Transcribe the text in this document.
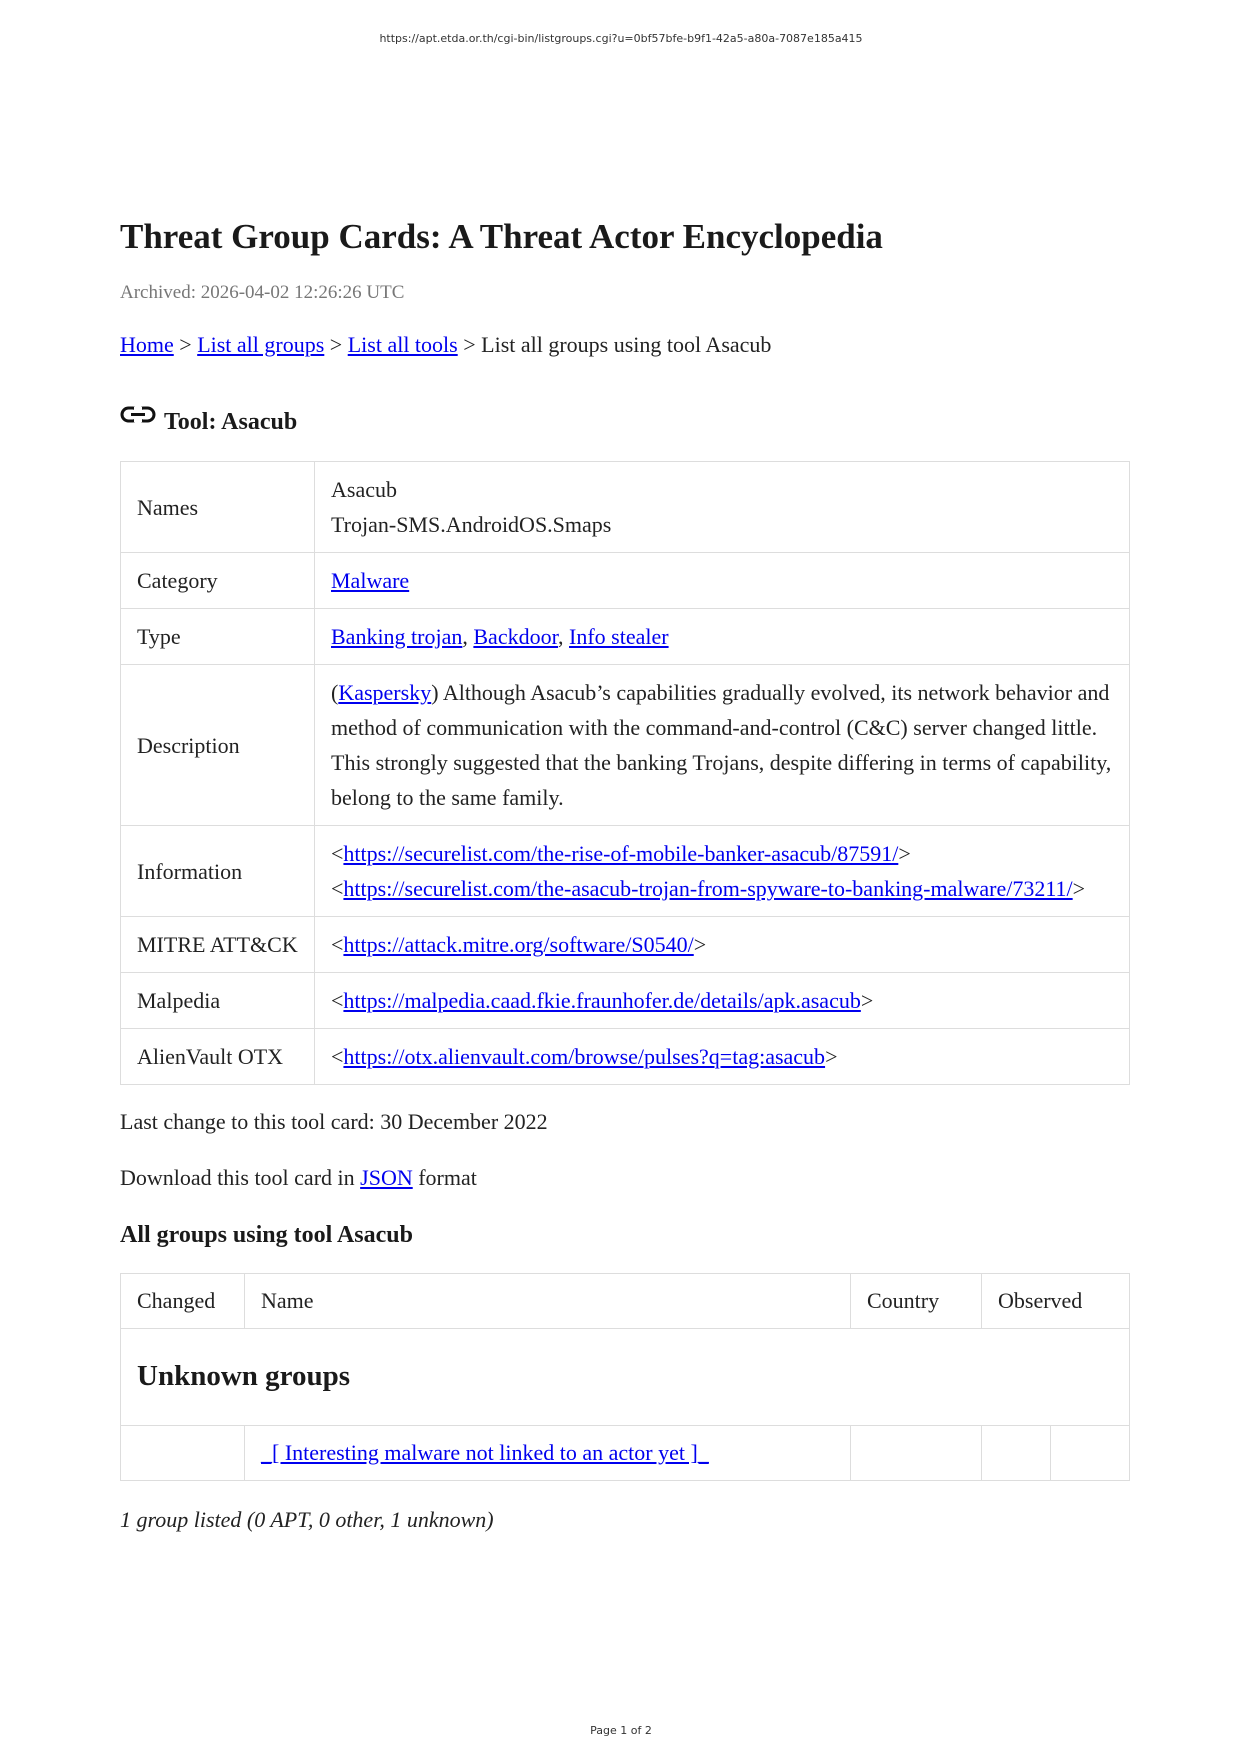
https://apt.etda.or.th/cgi-bin/listgroups.cgi?u=0bf57bfe-b9f1-42a5-a80a-7087e185a415
Threat Group Cards: A Threat Actor Encyclopedia
Archived: 2026-04-02 12:26:26 UTC
Home > List all groups > List all tools > List all groups using tool Asacub
Tool: Asacub
Names	Asacub
Trojan-SMS.AndroidOS.Smaps

Category	Malware
Type	Banking trojan, Backdoor, Info stealer
Description	(Kaspersky) Although Asacub’s capabilities gradually evolved, its network behavior and method of communication with the command-and-control (C&C) server changed little. This strongly suggested that the banking Trojans, despite differing in terms of capability, belong to the same family.
Information	<https://securelist.com/the-rise-of-mobile-banker-asacub/87591/>
<https://securelist.com/the-asacub-trojan-from-spyware-to-banking-malware/73211/>

MITRE ATT&CK	<https://attack.mitre.org/software/S0540/>
Malpedia	<https://malpedia.caad.fkie.fraunhofer.de/details/apk.asacub>
AlienVault OTX	<https://otx.alienvault.com/browse/pulses?q=tag:asacub>
Last change to this tool card: 30 December 2022
Download this tool card in JSON format
All groups using tool Asacub
Changed	Name	Country	Observed	
Unknown groups				
	_[ Interesting malware not linked to an actor yet ]_			
1 group listed (0 APT, 0 other, 1 unknown)
Page 1 of 2
